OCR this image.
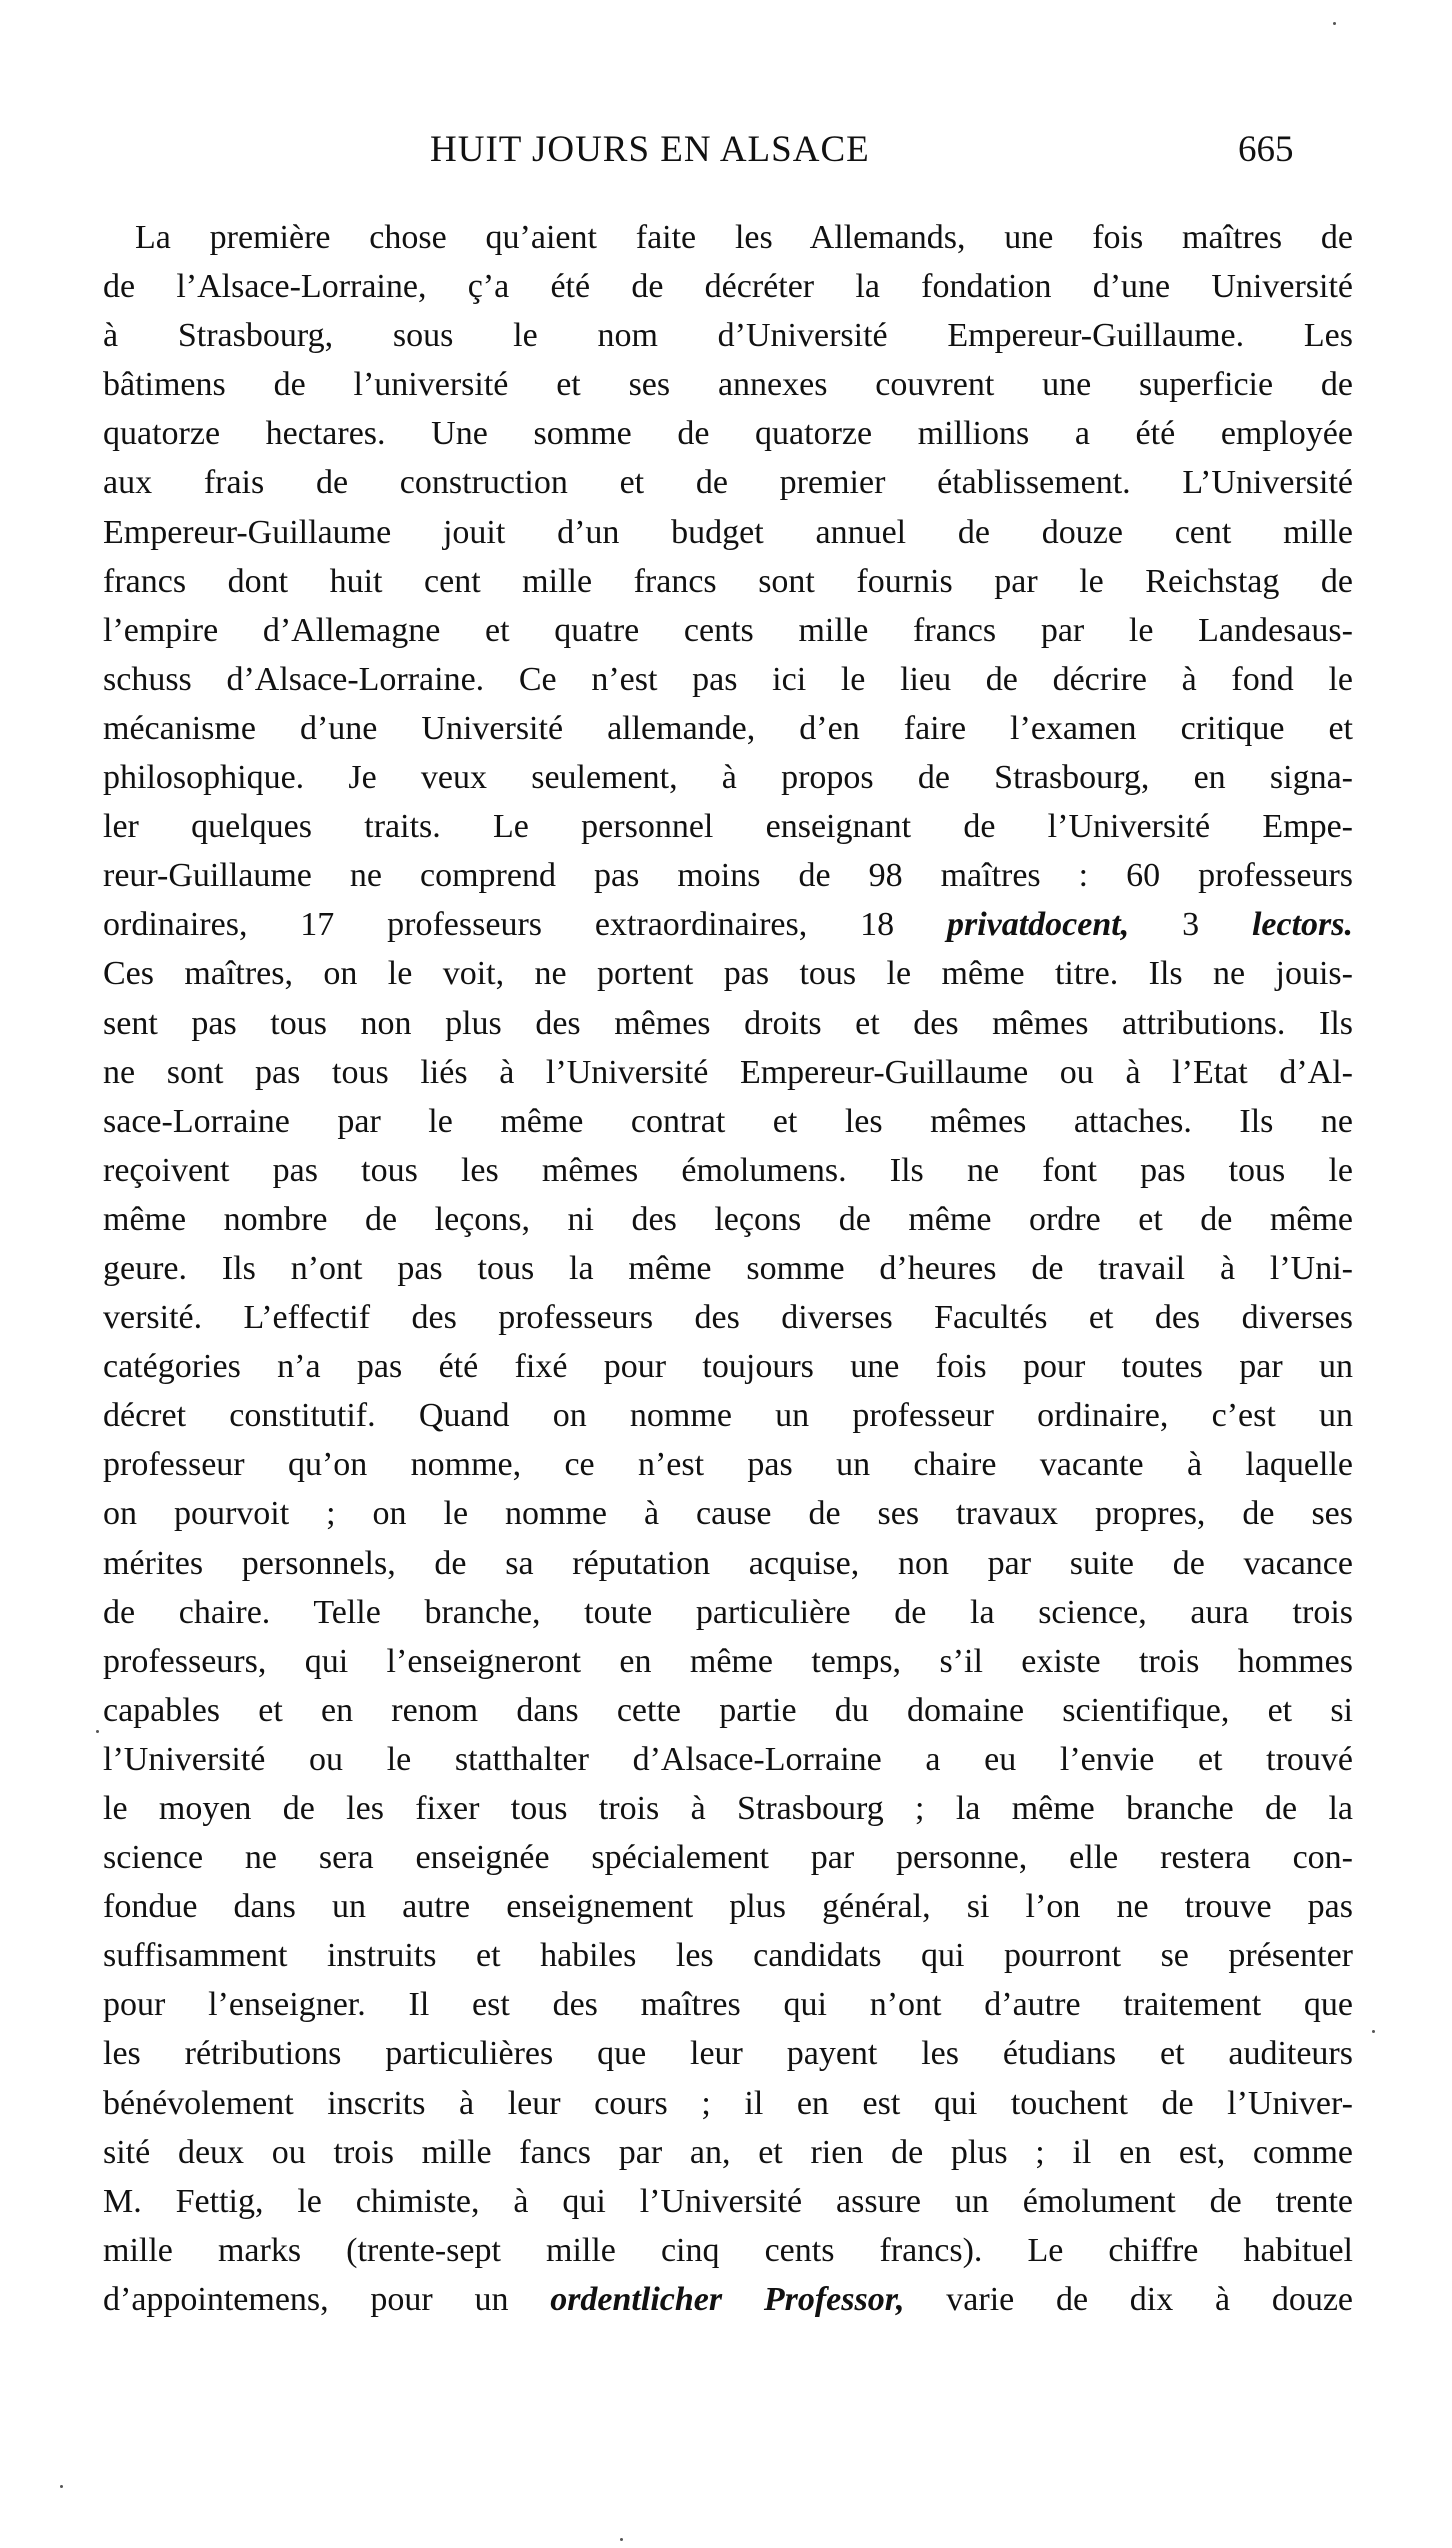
HUIT JOURS EN ALSACE	665
La première chose qu’aient faite les Allemands, une fois maîtres de
de l’Alsace-Lorraine, ç’a été de décréter la fondation d’une Université
à Strasbourg, sous le nom d’Université Empereur-Guillaume. Les
bâtimens de l’université et ses annexes couvrent une superficie de
quatorze hectares. Une somme de quatorze millions a été employée
aux frais de construction et de premier établissement. L’Université
Empereur-Guillaume jouit d’un budget annuel de douze cent mille
francs dont huit cent mille francs sont fournis par le Reichstag de
l’empire d’Allemagne et quatre cents mille francs par le Landesaus-
schuss d’Alsace-Lorraine. Ce n’est pas ici le lieu de décrire à fond le
mécanisme d’une Université allemande, d’en faire l’examen critique et
philosophique. Je veux seulement, à propos de Strasbourg, en signa-
ler quelques traits. Le personnel enseignant de l’Université Empe-
reur-Guillaume ne comprend pas moins de 98 maîtres : 60 professeurs
ordinaires, 17 professeurs extraordinaires, 18 privatdocent, 3 lectors.
Ces maîtres, on le voit, ne portent pas tous le même titre. Ils ne jouis-
sent pas tous non plus des mêmes droits et des mêmes attributions. Ils
ne sont pas tous liés à l’Université Empereur-Guillaume ou à l’Etat d’Al-
sace-Lorraine par le même contrat et les mêmes attaches. Ils ne
reçoivent pas tous les mêmes émolumens. Ils ne font pas tous le
même nombre de leçons, ni des leçons de même ordre et de même
geure. Ils n’ont pas tous la même somme d’heures de travail à l’Uni-
versité. L’effectif des professeurs des diverses Facultés et des diverses
catégories n’a pas été fixé pour toujours une fois pour toutes par un
décret constitutif. Quand on nomme un professeur ordinaire, c’est un
professeur qu’on nomme, ce n’est pas un chaire vacante à laquelle
on pourvoit ; on le nomme à cause de ses travaux propres, de ses
mérites personnels, de sa réputation acquise, non par suite de vacance
de chaire. Telle branche, toute particulière de la science, aura trois
professeurs, qui l’enseigneront en même temps, s’il existe trois hommes
capables et en renom dans cette partie du domaine scientifique, et si
l’Université ou le statthalter d’Alsace-Lorraine a eu l’envie et trouvé
le moyen de les fixer tous trois à Strasbourg ; la même branche de la
science ne sera enseignée spécialement par personne, elle restera con-
fondue dans un autre enseignement plus général, si l’on ne trouve pas
suffisamment instruits et habiles les candidats qui pourront se présenter
pour l’enseigner. Il est des maîtres qui n’ont d’autre traitement que
les rétributions particulières que leur payent les étudians et auditeurs
bénévolement inscrits à leur cours ; il en est qui touchent de l’Univer-
sité deux ou trois mille fancs par an, et rien de plus ; il en est, comme
M. Fettig, le chimiste, à qui l’Université assure un émolument de trente
mille marks (trente-sept mille cinq cents francs). Le chiffre habituel
d’appointemens, pour un ordentlicher Professor, varie de dix à douze
